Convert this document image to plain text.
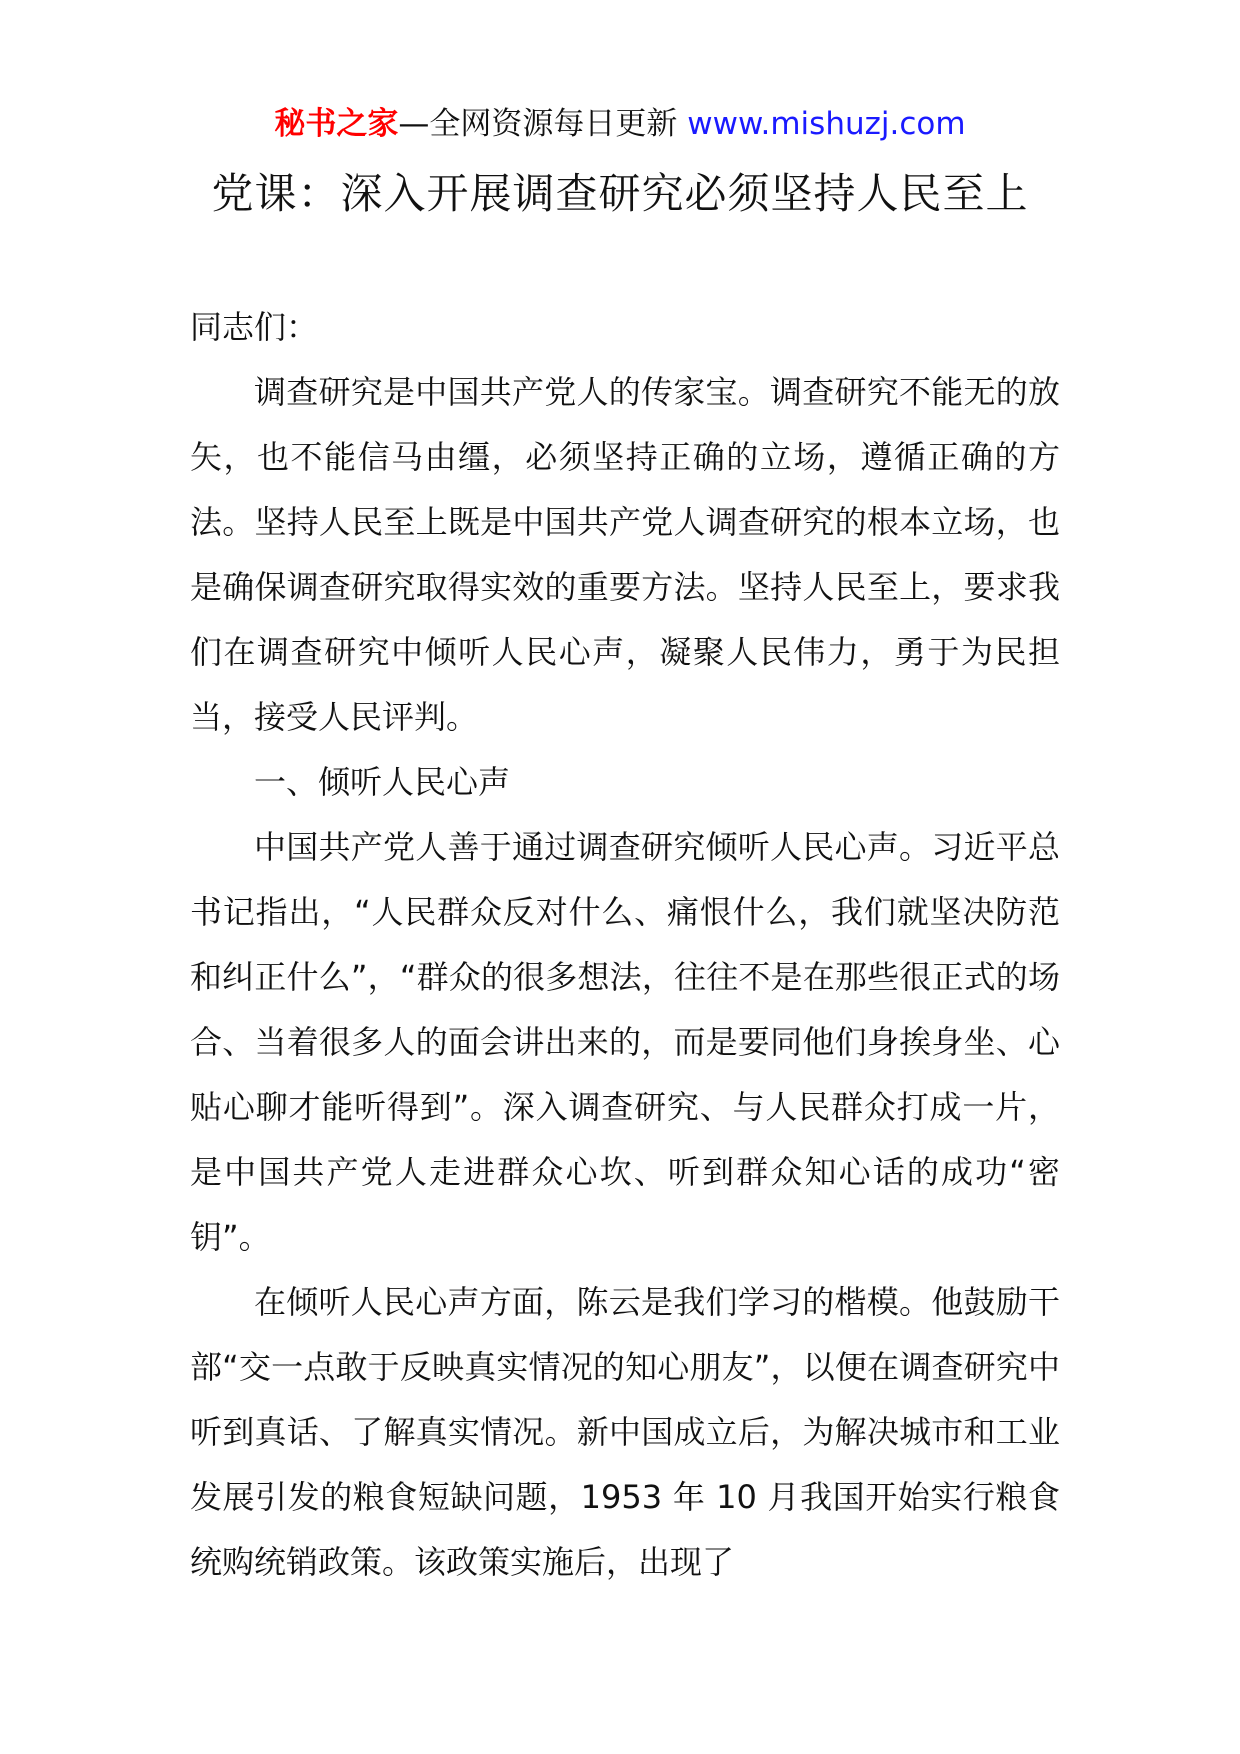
秘书之家—全网资源每日更新 www.mishuzj.com
党课：深入开展调查研究必须坚持人民至上

同志们：

调查研究是中国共产党人的传家宝。调查研究不能无的放矢，也不能信马由缰，必须坚持正确的立场，遵循正确的方法。坚持人民至上既是中国共产党人调查研究的根本立场，也是确保调查研究取得实效的重要方法。坚持人民至上，要求我们在调查研究中倾听人民心声，凝聚人民伟力，勇于为民担当，接受人民评判。

一、倾听人民心声

中国共产党人善于通过调查研究倾听人民心声。习近平总书记指出，“人民群众反对什么、痛恨什么，我们就坚决防范和纠正什么”，“群众的很多想法，往往不是在那些很正式的场合、当着很多人的面会讲出来的，而是要同他们身挨身坐、心贴心聊才能听得到”。深入调查研究、与人民群众打成一片，是中国共产党人走进群众心坎、听到群众知心话的成功“密钥”。

在倾听人民心声方面，陈云是我们学习的楷模。他鼓励干部“交一点敢于反映真实情况的知心朋友”，以便在调查研究中听到真话、了解真实情况。新中国成立后，为解决城市和工业发展引发的粮食短缺问题，1953 年 10 月我国开始实行粮食统购统销政策。该政策实施后，出现了
